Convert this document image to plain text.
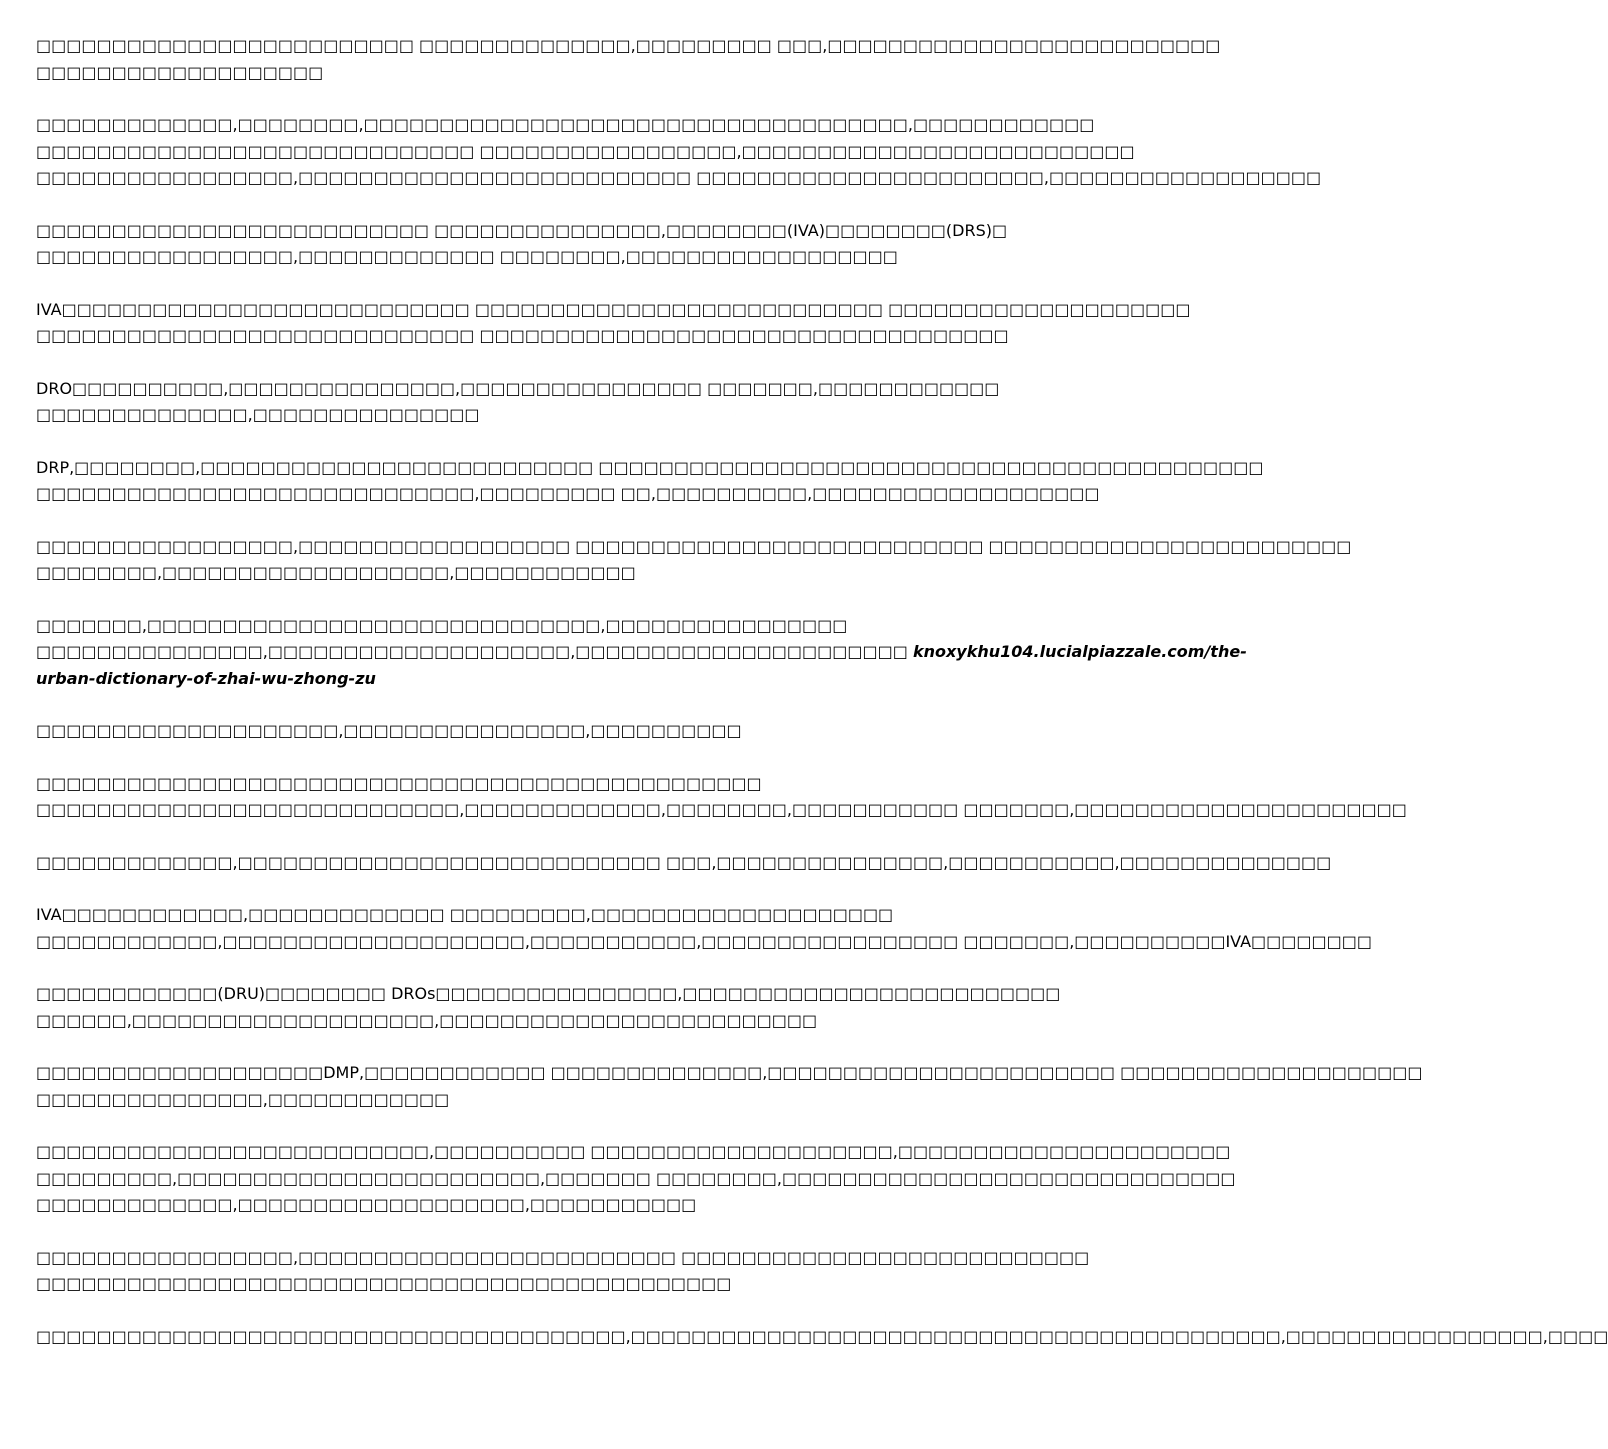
□□□□□□□□□□□□□□□□□□□□□□□□□ □□□□□□□□□□□□□□,□□□□□□□□□ □□□,□□□□□□□□□□□□□□□□□□□□□□□□□□
□□□□□□□□□□□□□□□□□□□
□□□□□□□□□□□□□,□□□□□□□□,□□□□□□□□□□□□□□□□□□□□□□□□□□□□□□□□□□□□,□□□□□□□□□□□□
□□□□□□□□□□□□□□□□□□□□□□□□□□□□□ □□□□□□□□□□□□□□□□□,□□□□□□□□□□□□□□□□□□□□□□□□□□
□□□□□□□□□□□□□□□□□,□□□□□□□□□□□□□□□□□□□□□□□□□□ □□□□□□□□□□□□□□□□□□□□□□□,□□□□□□□□□□□□□□□□□□
□□□□□□□□□□□□□□□□□□□□□□□□□□ □□□□□□□□□□□□□□□,□□□□□□□□(IVA)□□□□□□□□(DRS)□
□□□□□□□□□□□□□□□□□,□□□□□□□□□□□□□ □□□□□□□□,□□□□□□□□□□□□□□□□□□
IVA□□□□□□□□□□□□□□□□□□□□□□□□□□□ □□□□□□□□□□□□□□□□□□□□□□□□□□□ □□□□□□□□□□□□□□□□□□□□
□□□□□□□□□□□□□□□□□□□□□□□□□□□□□ □□□□□□□□□□□□□□□□□□□□□□□□□□□□□□□□□□□
DRO□□□□□□□□□□,□□□□□□□□□□□□□□□,□□□□□□□□□□□□□□□□ □□□□□□□,□□□□□□□□□□□□
□□□□□□□□□□□□□□,□□□□□□□□□□□□□□□
DRP,□□□□□□□□,□□□□□□□□□□□□□□□□□□□□□□□□□□ □□□□□□□□□□□□□□□□□□□□□□□□□□□□□□□□□□□□□□□□□□□□
□□□□□□□□□□□□□□□□□□□□□□□□□□□□□,□□□□□□□□□ □□,□□□□□□□□□□,□□□□□□□□□□□□□□□□□□□
□□□□□□□□□□□□□□□□□,□□□□□□□□□□□□□□□□□□ □□□□□□□□□□□□□□□□□□□□□□□□□□□ □□□□□□□□□□□□□□□□□□□□□□□□
□□□□□□□□,□□□□□□□□□□□□□□□□□□□,□□□□□□□□□□□□
□□□□□□□,□□□□□□□□□□□□□□□□□□□□□□□□□□□□□□,□□□□□□□□□□□□□□□□
□□□□□□□□□□□□□□□,□□□□□□□□□□□□□□□□□□□□,□□□□□□□□□□□□□□□□□□□□□□ knoxykhu104.lucialpiazzale.com/the-
urban-dictionary-of-zhai-wu-zhong-zu
□□□□□□□□□□□□□□□□□□□□,□□□□□□□□□□□□□□□□,□□□□□□□□□□
□□□□□□□□□□□□□□□□□□□□□□□□□□□□□□□□□□□□□□□□□□□□□□□□
□□□□□□□□□□□□□□□□□□□□□□□□□□□□,□□□□□□□□□□□□□,□□□□□□□□,□□□□□□□□□□□ □□□□□□□,□□□□□□□□□□□□□□□□□□□□□□
□□□□□□□□□□□□□,□□□□□□□□□□□□□□□□□□□□□□□□□□□□ □□□,□□□□□□□□□□□□□□□,□□□□□□□□□□□,□□□□□□□□□□□□□□
IVA□□□□□□□□□□□□,□□□□□□□□□□□□□ □□□□□□□□□,□□□□□□□□□□□□□□□□□□□□
□□□□□□□□□□□□,□□□□□□□□□□□□□□□□□□□□,□□□□□□□□□□□,□□□□□□□□□□□□□□□□□ □□□□□□□,□□□□□□□□□□IVA□□□□□□□□
□□□□□□□□□□□□(DRU)□□□□□□□□ DROs□□□□□□□□□□□□□□□□,□□□□□□□□□□□□□□□□□□□□□□□□□
□□□□□□,□□□□□□□□□□□□□□□□□□□□,□□□□□□□□□□□□□□□□□□□□□□□□□
□□□□□□□□□□□□□□□□□□□DMP,□□□□□□□□□□□□ □□□□□□□□□□□□□□,□□□□□□□□□□□□□□□□□□□□□□□ □□□□□□□□□□□□□□□□□□□□
□□□□□□□□□□□□□□□,□□□□□□□□□□□□
□□□□□□□□□□□□□□□□□□□□□□□□□□,□□□□□□□□□□ □□□□□□□□□□□□□□□□□□□□,□□□□□□□□□□□□□□□□□□□□□□
□□□□□□□□□,□□□□□□□□□□□□□□□□□□□□□□□□,□□□□□□□ □□□□□□□□,□□□□□□□□□□□□□□□□□□□□□□□□□□□□□□
□□□□□□□□□□□□□,□□□□□□□□□□□□□□□□□□□,□□□□□□□□□□□
□□□□□□□□□□□□□□□□□,□□□□□□□□□□□□□□□□□□□□□□□□□ □□□□□□□□□□□□□□□□□□□□□□□□□□□
□□□□□□□□□□□□□□□□□□□□□□□□□□□□□□□□□□□□□□□□□□□□□□
□□□□□□□□□□□□□□□□□□□□□□□□□□□□□□□□□□□□□□□,□□□□□□□□□□□□□□□□□□□□□□□□□□□□□□□□□□□□□□□□□□□,□□□□□□□□□□□□□□□□□,□□□□
